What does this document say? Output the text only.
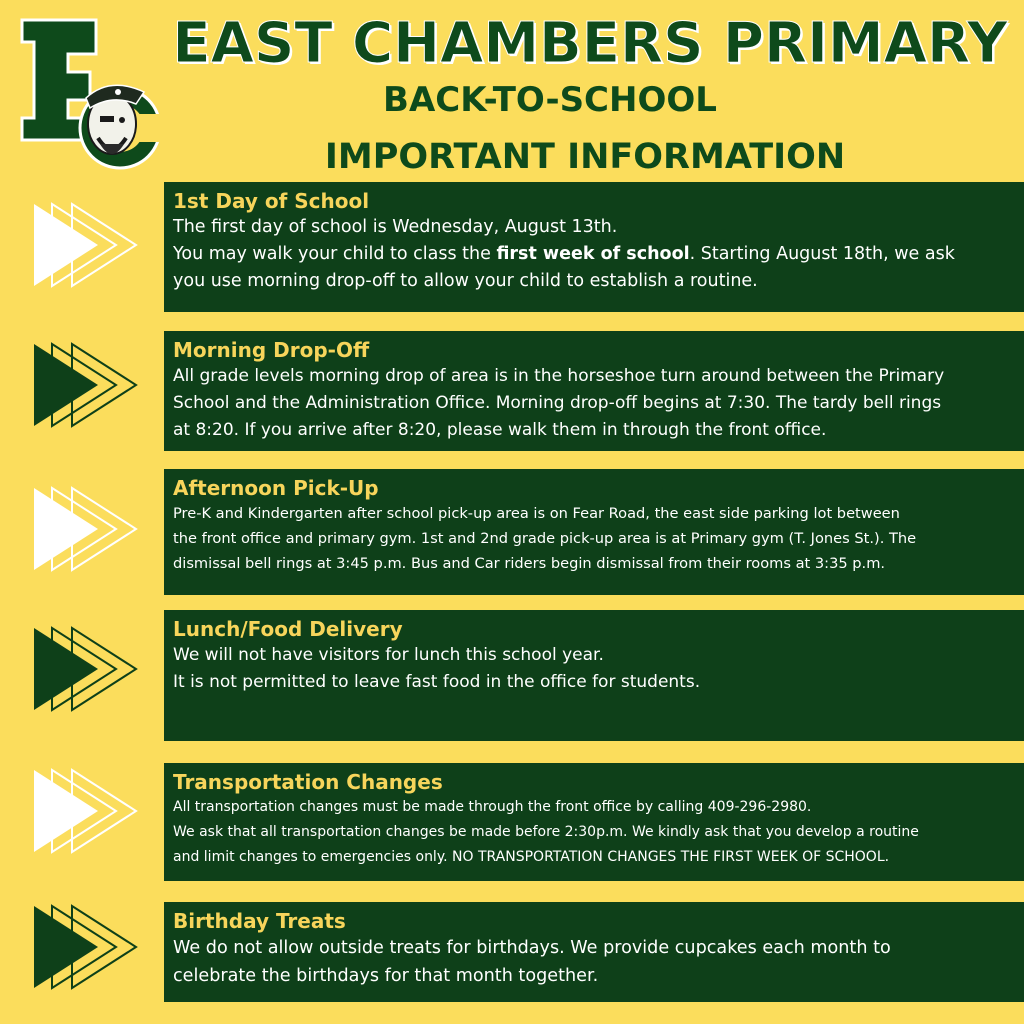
EAST CHAMBERS PRIMARY
BACK-TO-SCHOOL
IMPORTANT INFORMATION
1st Day of School

The first day of school is Wednesday, August 13th.

You may walk your child to class the first week of school. Starting August 18th, we ask

you use morning drop-off to allow your child to establish a routine.

Morning Drop-Off

All grade levels morning drop of area is in the horseshoe turn around between the Primary

School and the Administration Office. Morning drop-off begins at 7:30. The tardy bell rings

at 8:20. If you arrive after 8:20, please walk them in through the front office.

Afternoon Pick-Up

Pre-K and Kindergarten after school pick-up area is on Fear Road, the east side parking lot between

the front office and primary gym. 1st and 2nd grade pick-up area is at Primary gym (T. Jones St.). The

dismissal bell rings at 3:45 p.m. Bus and Car riders begin dismissal from their rooms at 3:35 p.m.

Lunch/Food Delivery

We will not have visitors for lunch this school year.

It is not permitted to leave fast food in the office for students.

Transportation Changes

All transportation changes must be made through the front office by calling 409-296-2980.

We ask that all transportation changes be made before 2:30p.m. We kindly ask that you develop a routine

and limit changes to emergencies only. NO TRANSPORTATION CHANGES THE FIRST WEEK OF SCHOOL.

Birthday Treats

We do not allow outside treats for birthdays. We provide cupcakes each month to

celebrate the birthdays for that month together.
